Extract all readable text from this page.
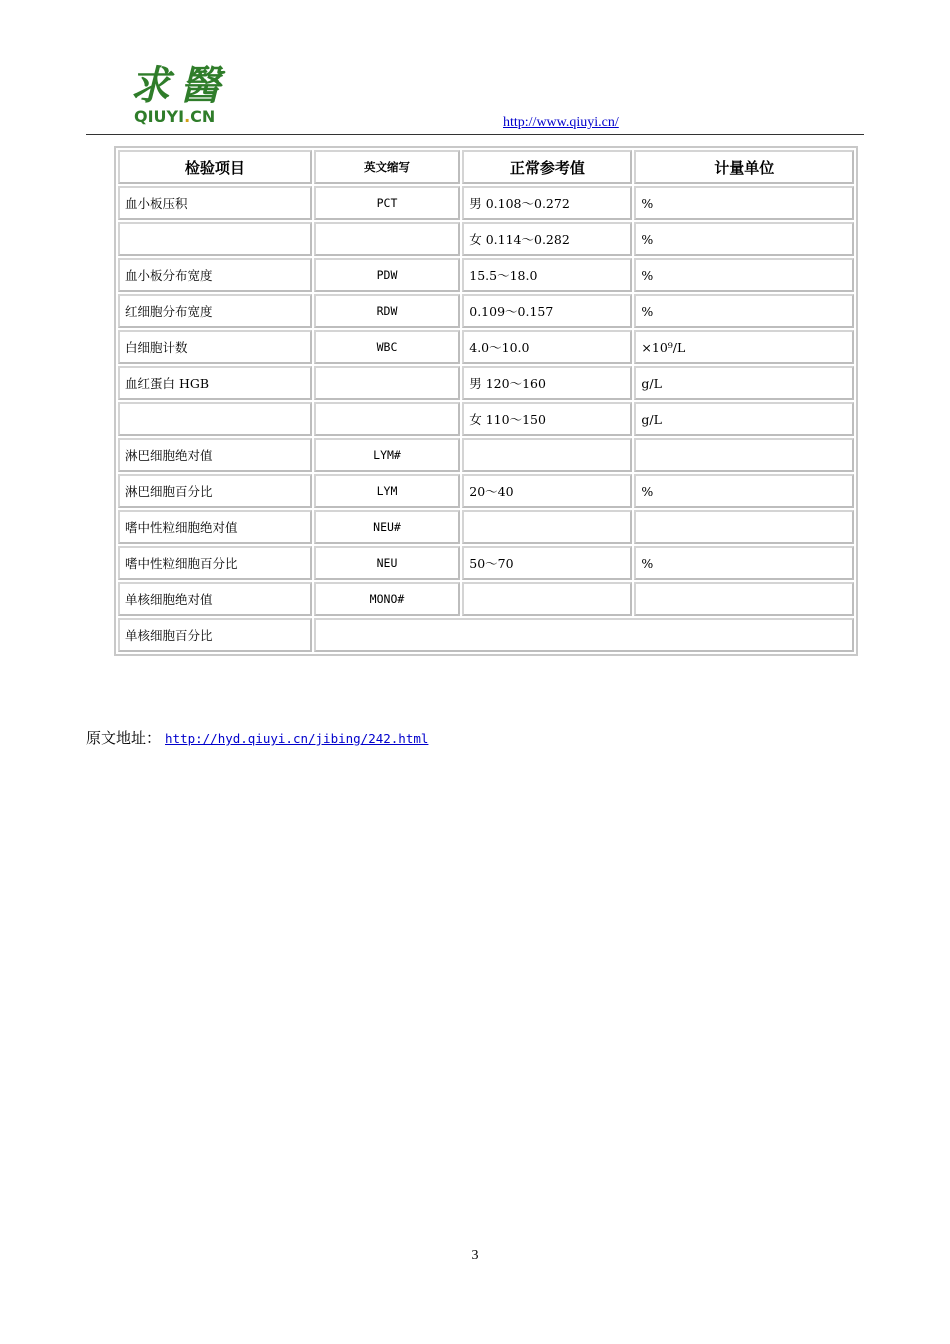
求醫
QIUYI.CN	http://www.qiuyi.cn/
检验项目	英文缩写	正常参考值	计量单位
血小板压积	PCT	男 0.108～0.272	%
		女 0.114～0.282	%
血小板分布宽度	PDW	15.5～18.0	%
红细胞分布宽度	RDW	0.109～0.157	%
白细胞计数	WBC	4.0～10.0	×10⁹/L
血红蛋白 HGB		男 120～160	g/L
		女 110～150	g/L
淋巴细胞绝对值	LYM#		
淋巴细胞百分比	LYM	20～40	%
嗜中性粒细胞绝对值	NEU#		
嗜中性粒细胞百分比	NEU	50～70	%
单核细胞绝对值	MONO#		
单核细胞百分比			
原文地址： http://hyd.qiuyi.cn/jibing/242.html
3
